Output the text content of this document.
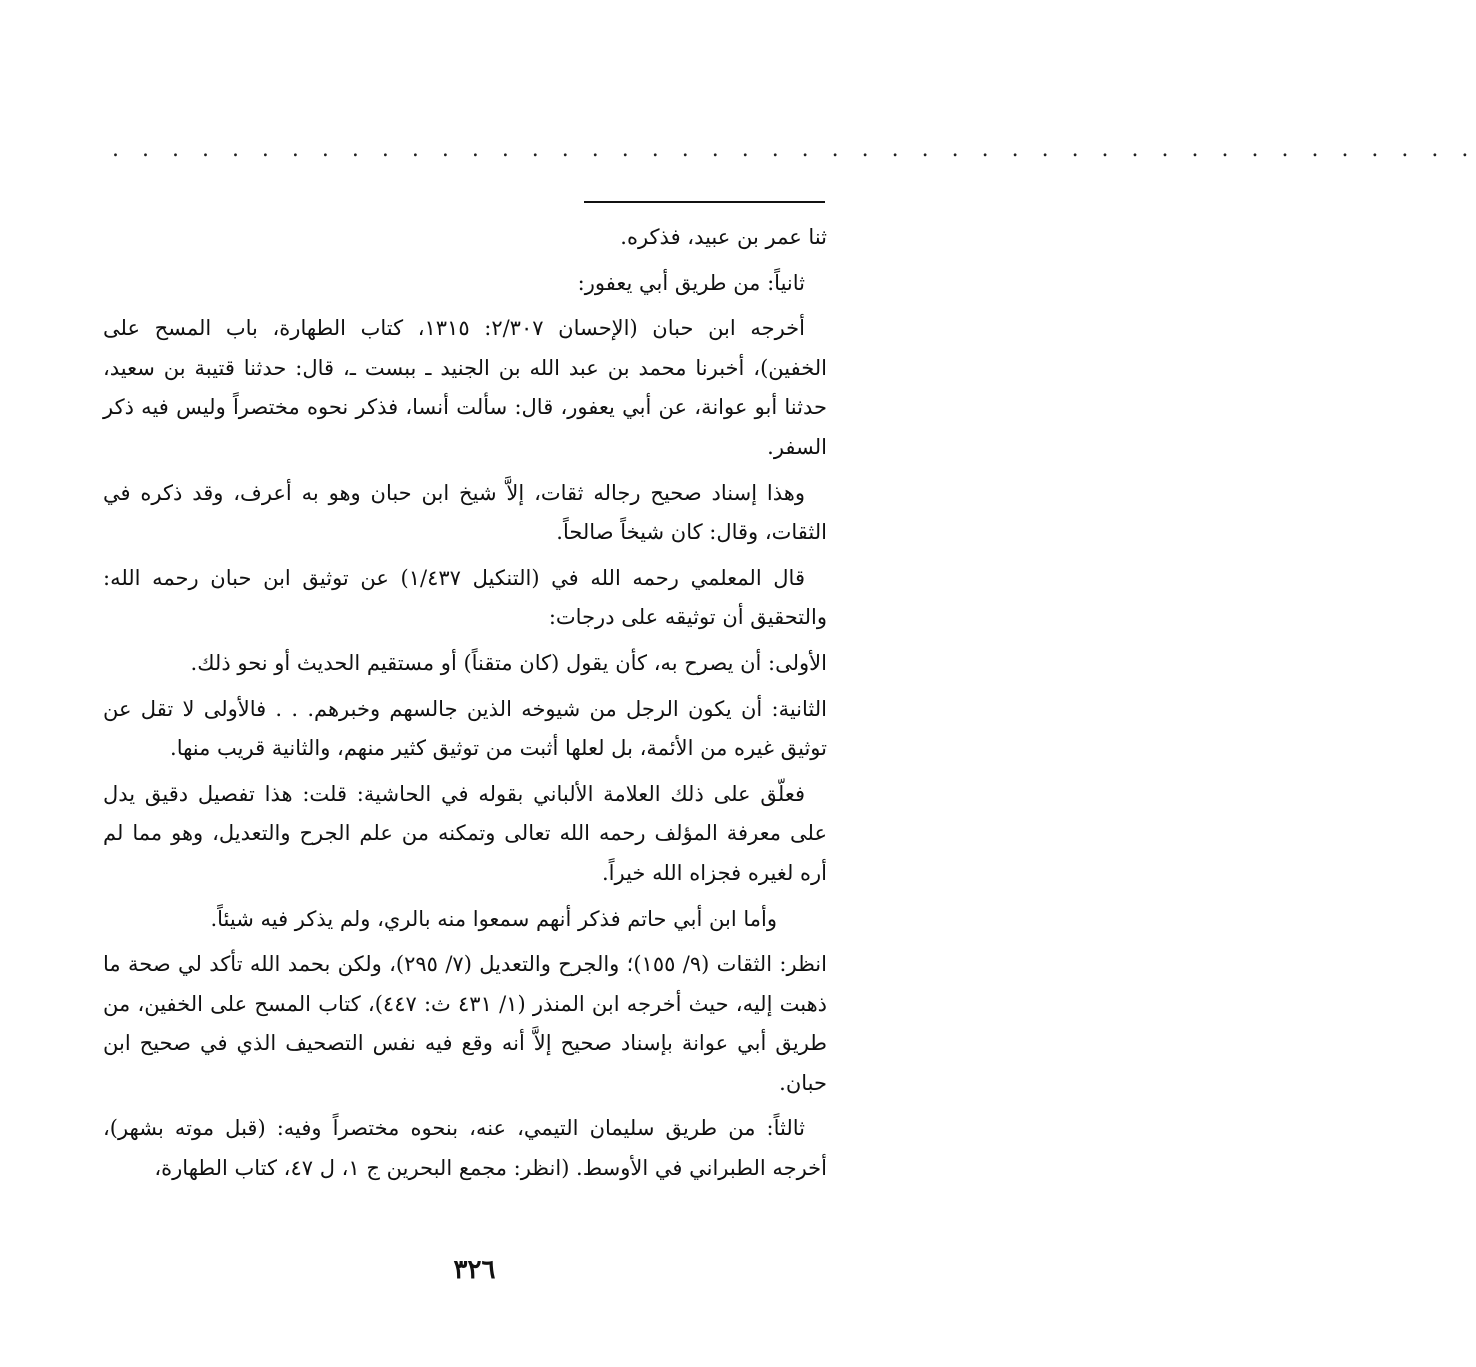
. . . . . . . . . . . . . . . . . . . . . . . . . . . . . . . . . . . . . . . . . . . . . .

ثنا عمر بن عبيد، فذكره.

ثانياً: من طريق أبي يعفور:

أخرجه ابن حبان (الإحسان ٢/٣٠٧: ١٣١٥، كتاب الطهارة، باب المسح على الخفين)، أخبرنا محمد بن عبد الله بن الجنيد ـ ببست ـ، قال: حدثنا قتيبة بن سعيد، حدثنا أبو عوانة، عن أبي يعفور، قال: سألت أنسا، فذكر نحوه مختصراً وليس فيه ذكر السفر.

وهذا إسناد صحيح رجاله ثقات، إلاَّ شيخ ابن حبان وهو به أعرف، وقد ذكره في الثقات، وقال: كان شيخاً صالحاً.

قال المعلمي رحمه الله في (التنكيل ١/٤٣٧) عن توثيق ابن حبان رحمه الله: والتحقيق أن توثيقه على درجات:

الأولى: أن يصرح به، كأن يقول (كان متقناً) أو مستقيم الحديث أو نحو ذلك.

الثانية: أن يكون الرجل من شيوخه الذين جالسهم وخبرهم. . . فالأولى لا تقل عن توثيق غيره من الأئمة، بل لعلها أثبت من توثيق كثير منهم، والثانية قريب منها.

فعلّق على ذلك العلامة الألباني بقوله في الحاشية: قلت: هذا تفصيل دقيق يدل على معرفة المؤلف رحمه الله تعالى وتمكنه من علم الجرح والتعديل، وهو مما لم أره لغيره فجزاه الله خيراً.

وأما ابن أبي حاتم فذكر أنهم سمعوا منه بالري، ولم يذكر فيه شيئاً.

انظر: الثقات (٩/ ١٥٥)؛ والجرح والتعديل (٧/ ٢٩٥)، ولكن بحمد الله تأكد لي صحة ما ذهبت إليه، حيث أخرجه ابن المنذر (١/ ٤٣١ ث: ٤٤٧)، كتاب المسح على الخفين، من طريق أبي عوانة بإسناد صحيح إلاَّ أنه وقع فيه نفس التصحيف الذي في صحيح ابن حبان.

ثالثاً: من طريق سليمان التيمي، عنه، بنحوه مختصراً وفيه: (قبل موته بشهر)، أخرجه الطبراني في الأوسط. (انظر: مجمع البحرين ج ١، ل ٤٧، كتاب الطهارة،

٣٢٦
